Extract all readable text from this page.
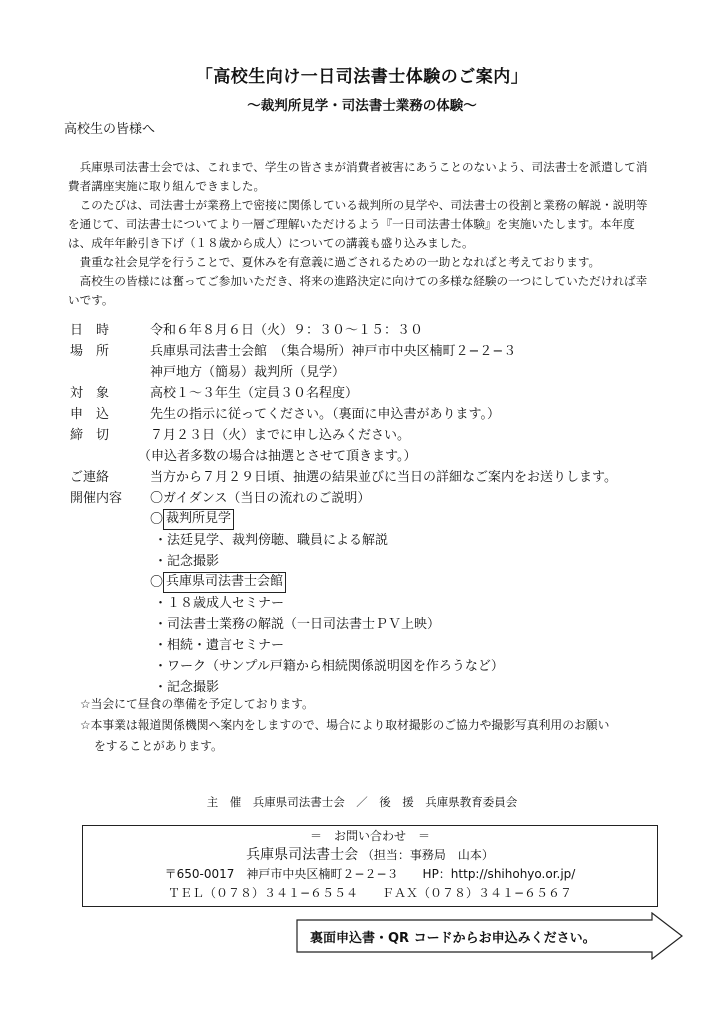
「高校生向け一日司法書士体験のご案内」
〜裁判所見学・司法書士業務の体験〜
高校生の皆様へ

兵庫県司法書士会では、これまで、学生の皆さまが消費者被害にあうことのないよう、司法書士を派遣して消費者講座実施に取り組んできました。

このたびは、司法書士が業務上で密接に関係している裁判所の見学や、司法書士の役割と業務の解説・説明等を通じて、司法書士についてより一層ご理解いただけるよう『一日司法書士体験』を実施いたします。本年度は、成年年齢引き下げ（１８歳から成人）についての講義も盛り込みました。

貴重な社会見学を行うことで、夏休みを有意義に過ごされるための一助となればと考えております。

高校生の皆様には奮ってご参加いただき、将来の進路決定に向けての多様な経験の一つにしていただければ幸いです。

日　時	令和６年８月６日（火）９：３０〜１５：３０
場　所	兵庫県司法書士会館　（集合場所）神戸市中央区楠町２−２−３
神戸地方（簡易）裁判所（見学）
対　象	高校１〜３年生（定員３０名程度）
申　込	先生の指示に従ってください。（裏面に申込書があります。）
締　切	７月２３日（火）までに申し込みください。
（申込者多数の場合は抽選とさせて頂きます。）
ご連絡	当方から７月２９日頃、抽選の結果並びに当日の詳細なご案内をお送りします。
開催内容	〇ガイダンス（当日の流れのご説明）
〇 裁判所見学
・法廷見学、裁判傍聴、職員による解説
・記念撮影
〇 兵庫県司法書士会館
・１８歳成人セミナー
・司法書士業務の解説（一日司法書士ＰＶ上映）
・相続・遺言セミナー
・ワーク（サンプル戸籍から相続関係説明図を作ろうなど）
・記念撮影
☆当会にて昼食の準備を予定しております。
☆本事業は報道関係機関へ案内をしますので、場合により取材撮影のご協力や撮影写真利用のお願い
をすることがあります。
主　催　兵庫県司法書士会　／　後　援　兵庫県教育委員会
＝　お問い合わせ　＝
兵庫県司法書士会 （担当：事務局　山本）
〒650-0017　神戸市中央区楠町２−２−３　　HP：http://shihohyo.or.jp/
ＴＥＬ（０７８）３４１−６５５４　　ＦＡＸ（０７８）３４１−６５６７
裏面申込書・QR コードからお申込みください。
